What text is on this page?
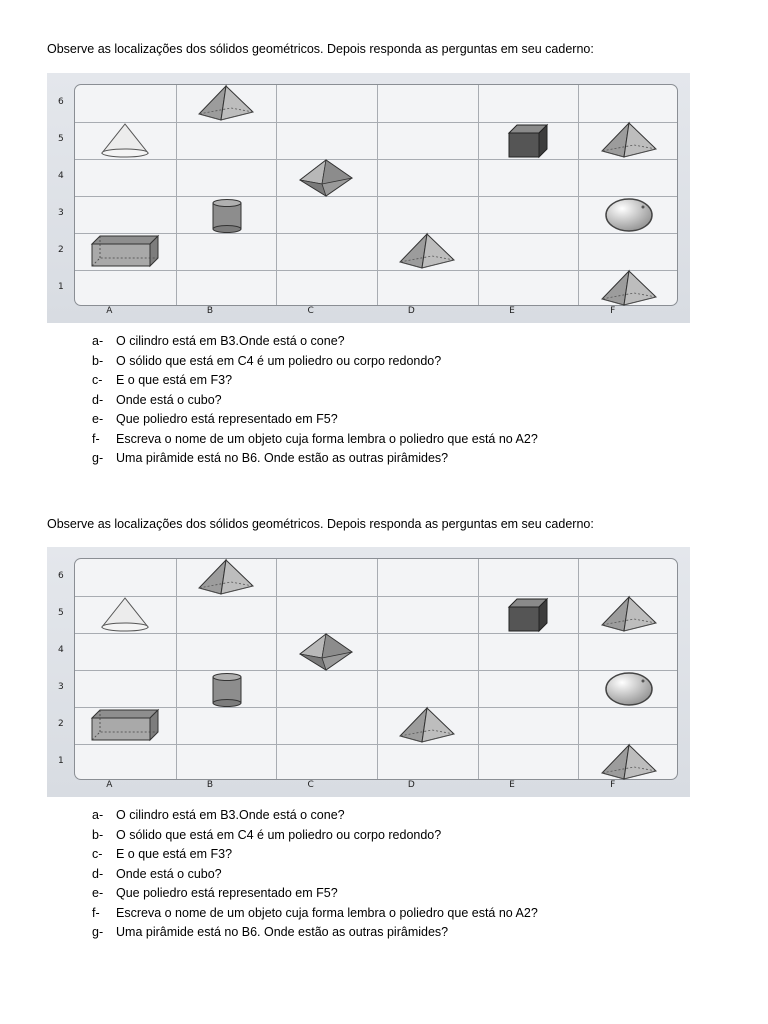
Observe as localizações dos sólidos geométricos. Depois responda as perguntas em seu caderno:
6
5
4
3
2
1
A	B	C	D	E	F
a-	O cilindro está em B3.Onde está o cone?
b-	O sólido que está em C4 é um poliedro ou corpo redondo?
c-	E o que está em F3?
d-	Onde está o cubo?
e-	Que poliedro está representado em F5?
f-	Escreva o nome de um objeto cuja forma lembra o poliedro que está no A2?
g-	Uma pirâmide está no B6. Onde estão as outras pirâmides?
Observe as localizações dos sólidos geométricos. Depois responda as perguntas em seu caderno:
6
5
4
3
2
1
A	B	C	D	E	F
a-	O cilindro está em B3.Onde está o cone?
b-	O sólido que está em C4 é um poliedro ou corpo redondo?
c-	E o que está em F3?
d-	Onde está o cubo?
e-	Que poliedro está representado em F5?
f-	Escreva o nome de um objeto cuja forma lembra o poliedro que está no A2?
g-	Uma pirâmide está no B6. Onde estão as outras pirâmides?
